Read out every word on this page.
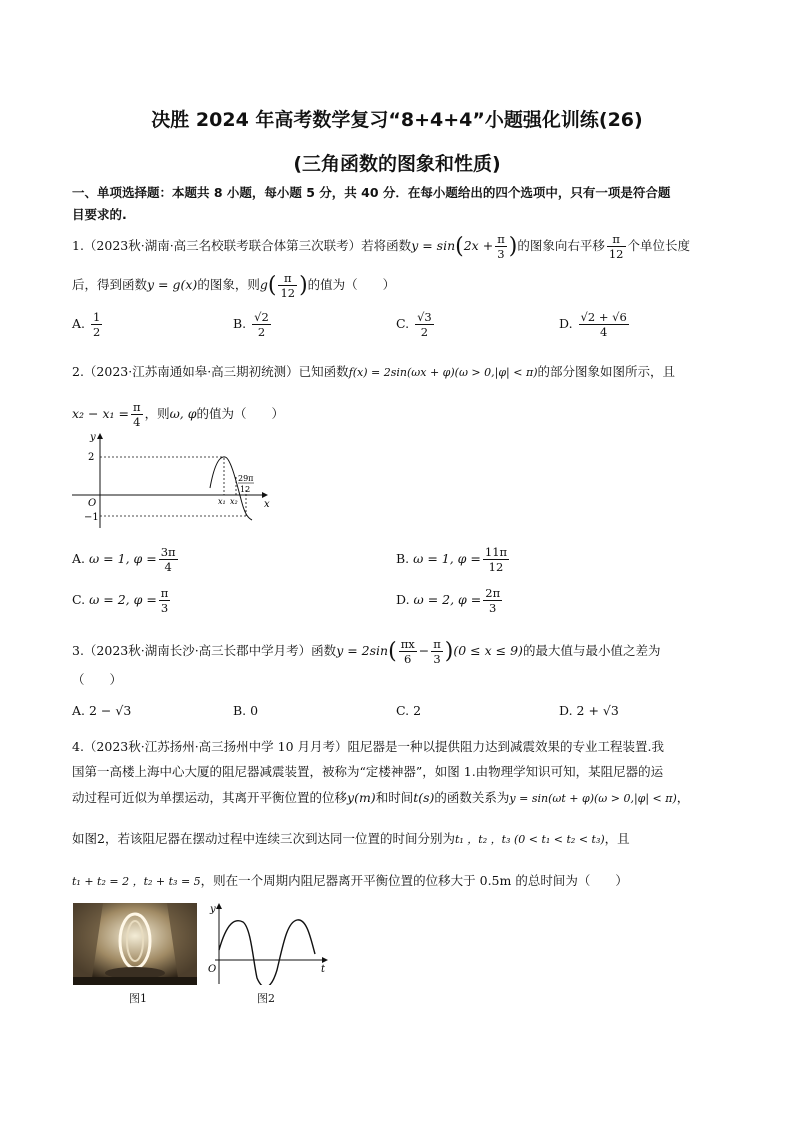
决胜 2024 年高考数学复习“8+4+4”小题强化训练(26)
(三角函数的图象和性质)
一、单项选择题：本题共 8 小题，每小题 5 分，共 40 分．在每小题给出的四个选项中，只有一项是符合题
目要求的.
1.（2023秋·湖南·高三名校联考联合体第三次联考）若将函数$y = \sin(2x + \frac{\pi}{3}$ )的图象向右平移 $\frac{\pi}{12}$ 个单位长度
后，得到函数y = g(x)的图象，则$g( \frac{\pi}{12}$ )的值为（　　）
A. $\frac{1}{2}$	B. $\frac{√2}{2}$	C. $\frac{√3}{2}$	D. $\frac{√2 + √6}{4}$
2.（2023·江苏南通如皋·高三期初统测）已知函数f(x) = 2sin(ωx + φ)(ω > 0,|φ| < π)的部分图象如图所示，且
$x_2 - x_1 = \frac{\pi}{4}$ ，则ω, φ的值为（　　）
y
x
O
2
−1
x₁ x₂
29π
12
A. ω = 1, $\varphi = \frac{3\pi}{4}$	B. ω = 1, $\varphi = \frac{11\pi}{12}$
C. ω = 2, $\varphi = \frac{\pi}{3}$	D. ω = 2, $\varphi = \frac{2\pi}{3}$
3.（2023秋·湖南长沙·高三长郡中学月考）函数$y = 2\sin( \frac{\pi x}{6} - \frac{\pi}{3} )(0 \le x \le 9)$的最大值与最小值之差为
（　　）
A. 2 − √3	B. 0	C. 2	D. 2 + √3
4.（2023秋·江苏扬州·高三扬州中学 10 月月考）阻尼器是一种以提供阻力达到减震效果的专业工程装置.我
国第一高楼上海中心大厦的阻尼器减震装置，被称为“定楼神器”，如图 1.由物理学知识可知，某阻尼器的运
动过程可近似为单摆运动，其离开平衡位置的位移y(m)和时间t(s)的函数关系为y = sin(ωt + φ)(ω > 0,|φ| < π)，
如图2，若该阻尼器在摆动过程中连续三次到达同一位置的时间分别为t₁ ，t₂ ，t₃ (0 < t₁ < t₂ < t₃)，且
t₁ + t₂ = 2 ，t₂ + t₃ = 5，则在一个周期内阻尼器离开平衡位置的位移大于 0.5m 的总时间为（　　）
图1
y
t
O
图2
